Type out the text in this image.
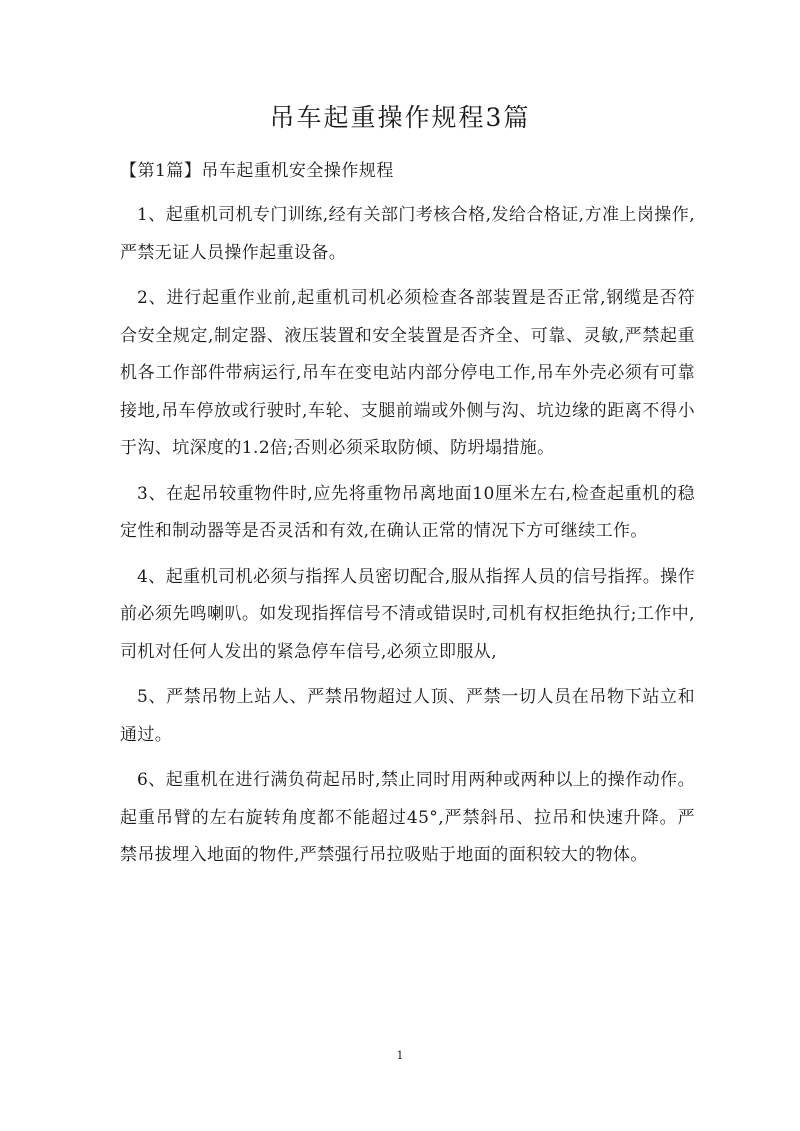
吊车起重操作规程3篇
【第1篇】吊车起重机安全操作规程

1、起重机司机专门训练,经有关部门考核合格,发给合格证,方准上岗操作,严禁无证人员操作起重设备。

2、进行起重作业前,起重机司机必须检查各部装置是否正常,钢缆是否符合安全规定,制定器、液压装置和安全装置是否齐全、可靠、灵敏,严禁起重机各工作部件带病运行,吊车在变电站内部分停电工作,吊车外壳必须有可靠接地,吊车停放或行驶时,车轮、支腿前端或外侧与沟、坑边缘的距离不得小于沟、坑深度的1.2倍;否则必须采取防倾、防坍塌措施。

3、在起吊较重物件时,应先将重物吊离地面10厘米左右,检查起重机的稳定性和制动器等是否灵活和有效,在确认正常的情况下方可继续工作。

4、起重机司机必须与指挥人员密切配合,服从指挥人员的信号指挥。操作前必须先鸣喇叭。如发现指挥信号不清或错误时,司机有权拒绝执行;工作中,司机对任何人发出的紧急停车信号,必须立即服从,

5、严禁吊物上站人、严禁吊物超过人顶、严禁一切人员在吊物下站立和通过。

6、起重机在进行满负荷起吊时,禁止同时用两种或两种以上的操作动作。起重吊臂的左右旋转角度都不能超过45°,严禁斜吊、拉吊和快速升降。严禁吊拔埋入地面的物件,严禁强行吊拉吸贴于地面的面积较大的物体。

1
